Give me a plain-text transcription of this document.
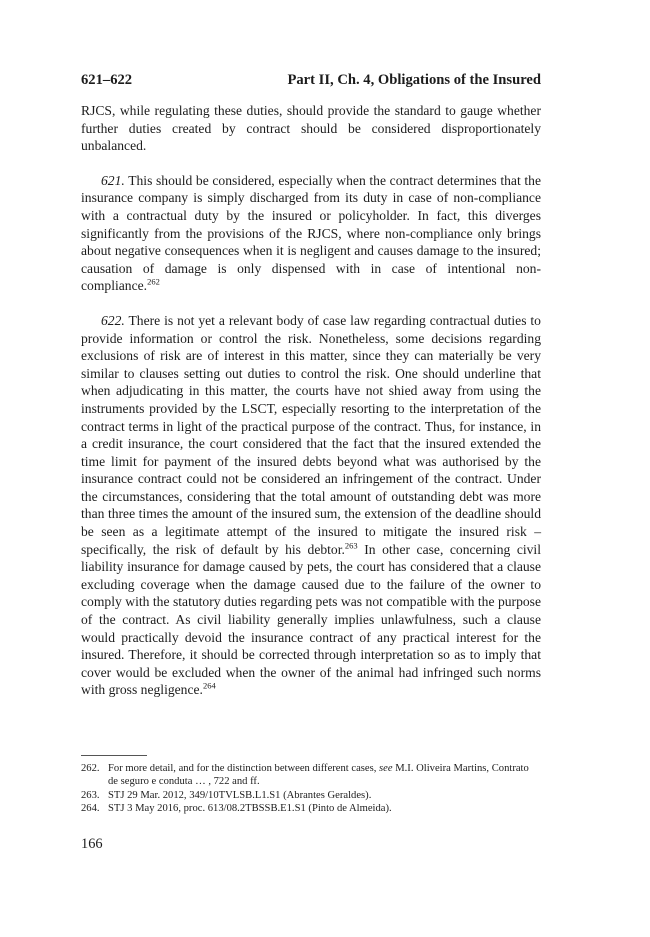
621–622	Part II, Ch. 4, Obligations of the Insured

RJCS, while regulating these duties, should provide the standard to gauge whether further duties created by contract should be considered disproportionately unbalanced.

621. This should be considered, especially when the contract determines that the insurance company is simply discharged from its duty in case of non-compliance with a contractual duty by the insured or policyholder. In fact, this diverges significantly from the provisions of the RJCS, where non-compliance only brings about negative consequences when it is negligent and causes damage to the insured; causation of damage is only dispensed with in case of intentional non-compliance.$^{262}$

622. There is not yet a relevant body of case law regarding contractual duties to provide information or control the risk. Nonetheless, some decisions regarding exclusions of risk are of interest in this matter, since they can materially be very similar to clauses setting out duties to control the risk. One should underline that when adjudicating in this matter, the courts have not shied away from using the instruments provided by the LSCT, especially resorting to the interpretation of the contract terms in light of the practical purpose of the contract. Thus, for instance, in a credit insurance, the court considered that the fact that the insured extended the time limit for payment of the insured debts beyond what was authorised by the insurance contract could not be considered an infringement of the contract. Under the circumstances, considering that the total amount of outstanding debt was more than three times the amount of the insured sum, the extension of the deadline should be seen as a legitimate attempt of the insured to mitigate the insured risk – specifically, the risk of default by his debtor.$^{263}$ In other case, concerning civil liability insurance for damage caused by pets, the court has considered that a clause excluding coverage when the damage caused due to the failure of the owner to comply with the statutory duties regarding pets was not compatible with the purpose of the contract. As civil liability generally implies unlawfulness, such a clause would practically devoid the insurance contract of any practical interest for the insured. Therefore, it should be corrected through interpretation so as to imply that cover would be excluded when the owner of the animal had infringed such norms with gross negligence.$^{264}$

262. For more detail, and for the distinction between different cases, see M.I. Oliveira Martins, Contrato de seguro e conduta … , 722 and ff.
263. STJ 29 Mar. 2012, 349/10TVLSB.L1.S1 (Abrantes Geraldes).
264. STJ 3 May 2016, proc. 613/08.2TBSSB.E1.S1 (Pinto de Almeida).
166
